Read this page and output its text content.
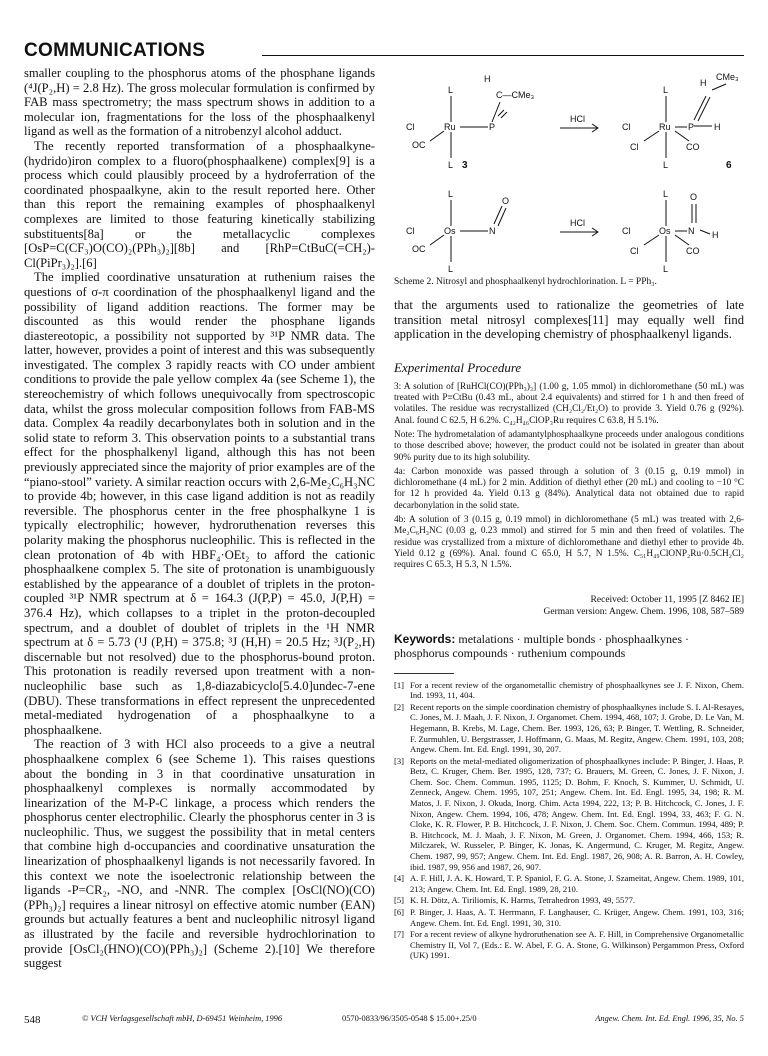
COMMUNICATIONS

smaller coupling to the phosphorus atoms of the phosphane ligands (⁴J(P₂,H) = 2.8 Hz). The gross molecular formulation is confirmed by FAB mass spectrometry; the mass spectrum shows in addition to a molecular ion, fragmentations for the loss of the phosphaalkenyl ligand as well as the formation of a nitrobenzyl alcohol adduct.

The recently reported transformation of a phosphaalkyne-(hydrido)iron complex to a fluoro(phosphaalkene) complex[9] is a process which could plausibly proceed by a hydroferration of the coordinated phospaalkyne, akin to the result reported here. Other than this report the remaining examples of phosphaalkenyl complexes are limited to those featuring kinetically stabilizing substituents[8a] or the metallacyclic complexes [OsP=C(CF₃)O(CO)₂(PPh₃)₂][8b] and [RhP=CtBuC(=CH₂)-Cl(PiPr₃)₂].[6]

The implied coordinative unsaturation at ruthenium raises the questions of σ-π coordination of the phosphaalkenyl ligand and the possibility of ligand addition reactions. The former may be discounted as this would render the phosphane ligands diastereotopic, a possibility not supported by ³¹P NMR data. The latter, however, provides a point of interest and this was subsequently investigated. The complex 3 rapidly reacts with CO under ambient conditions to provide the pale yellow complex 4a (see Scheme 1), the stereochemistry of which follows unequivocally from spectroscopic data, whilst the gross molecular composition follows from FAB-MS data. Complex 4a readily decarbonylates both in solution and in the solid state to reform 3. This observation points to a substantial trans effect for the phosphalkenyl ligand, although this has not been previously appreciated since the majority of prior examples are of the “piano-stool” variety. A similar reaction occurs with 2,6-Me₂C₆H₃NC to provide 4b; however, in this case ligand addition is not as readily reversible. The phosphorus center in the free phosphalkyne 1 is typically electrophilic; however, hydroruthenation reverses this polarity making the phosphorus nucleophilic. This is reflected in the clean protonation of 4b with HBF₄·OEt₂ to afford the cationic phosphaalkene complex 5. The site of protonation is unambiguously established by the appearance of a doublet of triplets in the proton-coupled ³¹P NMR spectrum at δ = 164.3 (J(P,P) = 45.0, J(P,H) = 376.4 Hz), which collapses to a triplet in the proton-decoupled spectrum, and a doublet of doublet of triplets in the ¹H NMR spectrum at δ = 5.73 (¹J (P,H) = 375.8; ³J (H,H) = 20.5 Hz; ³J(P₂,H) discernable but not resolved) due to the phosphorus-bound proton. This protonation is readily reversed upon treatment with a non-nucleophilic base such as 1,8-diazabicyclo[5.4.0]undec-7-ene (DBU). These transformations in effect represent the unprecedented metal-mediated hydrogenation of a phosphaalkyne to a phosphaalkene.

The reaction of 3 with HCl also proceeds to a give a neutral phosphaalkene complex 6 (see Scheme 1). This raises questions about the bonding in 3 in that coordinative unsaturation in phosphaalkenyl complexes is normally accommodated by linearization of the M-P-C linkage, a process which renders the phosphorus center electrophilic. Clearly the phosphorus center in 3 is nucleophilic. Thus, we suggest the possibility that in metal centers that combine high d-occupancies and coordinative unsaturation the linearization of phosphaalkenyl ligands is not necessarily favored. In this context we note the isoelectronic relationship between the ligands -P=CR₂, -NO, and -NNR. The complex [OsCl(NO)(CO)(PPh₃)₂] requires a linear nitrosyl on effective atomic number (EAN) grounds but actually features a bent and nucleophilic nitrosyl ligand as illustrated by the facile and reversible hydrochlorination to provide [OsCl₂(HNO)(CO)(PPh₃)₂] (Scheme 2).[10] We therefore suggest

L
L
Cl	Ru	P
OC
H
C—CMe₃
3
HCl
L
L
Cl	Ru P
Cl	CO
H
H
CMe₃
6
L
L
Cl	Os	N
OC
O
HCl
L
L
Cl	Os N
Cl	CO
O
H
Scheme 2. Nitrosyl and phosphaalkenyl hydrochlorination. L = PPh₃.
that the arguments used to rationalize the geometries of late transition metal nitrosyl complexes[11] may equally well find application in the developing chemistry of phosphaalkenyl ligands.
Experimental Procedure

3: A solution of [RuHCl(CO)(PPh₃)₃] (1.00 g, 1.05 mmol) in dichloromethane (50 mL) was treated with P≡CtBu (0.43 mL, about 2.4 equivalents) and stirred for 1 h and then freed of volatiles. The residue was recrystallized (CH₂Cl₂/Et₂O) to provide 3. Yield 0.76 g (92%). Anal. found C 62.5, H 6.2%. C₄₂H₄₆ClOP₃Ru requires C 63.8, H 5.1%.

Note: The hydrometalation of adamantylphosphaalkyne proceeds under analogous conditions to those described above; however, the product could not be isolated in greater than about 90% purity due to its high solubility.

4a: Carbon monoxide was passed through a solution of 3 (0.15 g, 0.19 mmol) in dichloromethane (4 mL) for 2 min. Addition of diethyl ether (20 mL) and cooling to −10 °C for 12 h provided 4a. Yield 0.13 g (84%). Analytical data not obtained due to rapid decarbonylation in the solid state.

4b: A solution of 3 (0.15 g, 0.19 mmol) in dichloromethane (5 mL) was treated with 2,6-Me₂C₆H₃NC (0.03 g, 0.23 mmol) and stirred for 5 min and then freed of volatiles. The residue was crystallized from a mixture of dichloromethane and diethyl ether to provide 4b. Yield 0.12 g (69%). Anal. found C 65.0, H 5.7, N 1.5%. C₅₁H₄₉ClONP₂Ru·0.5CH₂Cl₂ requires C 65.3, H 5.3, N 1.5%.

Received: October 11, 1995 [Z 8462 IE]
German version: Angew. Chem. 1996, 108, 587–589
Keywords: metalations · multiple bonds · phosphaalkynes · phosphorus compounds · ruthenium compounds
[1] For a recent review of the organometallic chemistry of phosphaalkynes see J. F. Nixon, Chem. Ind. 1993, 11, 404.
[2] Recent reports on the simple coordination chemistry of phosphaalkynes include S. I. Al-Resayes, C. Jones, M. J. Maah, J. F. Nixon, J. Organomet. Chem. 1994, 468, 107; J. Grobe, D. Le Van, M. Hegemann, B. Krebs, M. Lage, Chem. Ber. 1993, 126, 63; P. Binger, T. Wettling, R. Schneider, F. Zurmuhlen, U. Bergstrasser, J. Hoffmann, G. Maas, M. Regitz, Angew. Chem. 1991, 103, 208; Angew. Chem. Int. Ed. Engl. 1991, 30, 207.
[3] Reports on the metal-mediated oligomerization of phosphaalkynes include: P. Binger, J. Haas, P. Betz, C. Kruger, Chem. Ber. 1995, 128, 737; G. Brauers, M. Green, C. Jones, J. F. Nixon, J. Chem. Soc. Chem. Commun. 1995, 1125; D. Bohm, F. Knoch, S. Kummer, U. Schmidt, U. Zenneck, Angew. Chem. 1995, 107, 251; Angew. Chem. Int. Ed. Engl. 1995, 34, 198; R. M. Matos, J. F. Nixon, J. Okuda, Inorg. Chim. Acta 1994, 222, 13; P. B. Hitchcock, C. Jones, J. F. Nixon, Angew. Chem. 1994, 106, 478; Angew. Chem. Int. Ed. Engl. 1994, 33, 463; F. G. N. Cloke, K. R. Flower, P. B. Hitchcock, J. F. Nixon, J. Chem. Soc. Chem. Commun. 1994, 489; P. B. Hitchcock, M. J. Maah, J. F. Nixon, M. Green, J. Organomet. Chem. 1994, 466, 153; R. Milczarek, W. Russeler, P. Binger, K. Jonas, K. Angermund, C. Kruger, M. Regitz, Angew. Chem. 1987, 99, 957; Angew. Chem. Int. Ed. Engl. 1987, 26, 908; A. R. Barron, A. H. Cowley, ibid. 1987, 99, 956 and 1987, 26, 907.
[4] A. F. Hill, J. A. K. Howard, T. P. Spaniol, F. G. A. Stone, J. Szameitat, Angew. Chem. 1989, 101, 213; Angew. Chem. Int. Ed. Engl. 1989, 28, 210.
[5] K. H. Dötz, A. Tiriliomis, K. Harms, Tetrahedron 1993, 49, 5577.
[6] P. Binger, J. Haas, A. T. Herrmann, F. Langhauser, C. Krüger, Angew. Chem. 1991, 103, 316; Angew. Chem. Int. Ed. Engl. 1991, 30, 310.
[7] For a recent review of alkyne hydroruthenation see A. F. Hill, in Comprehensive Organometallic Chemistry II, Vol 7, (Eds.: E. W. Abel, F. G. A. Stone, G. Wilkinson) Pergammon Press, Oxford (UK) 1991.
548	© VCH Verlagsgesellschaft mbH, D-69451 Weinheim, 1996	0570-0833/96/3505-0548 $ 15.00+.25/0	Angew. Chem. Int. Ed. Engl. 1996, 35, No. 5
